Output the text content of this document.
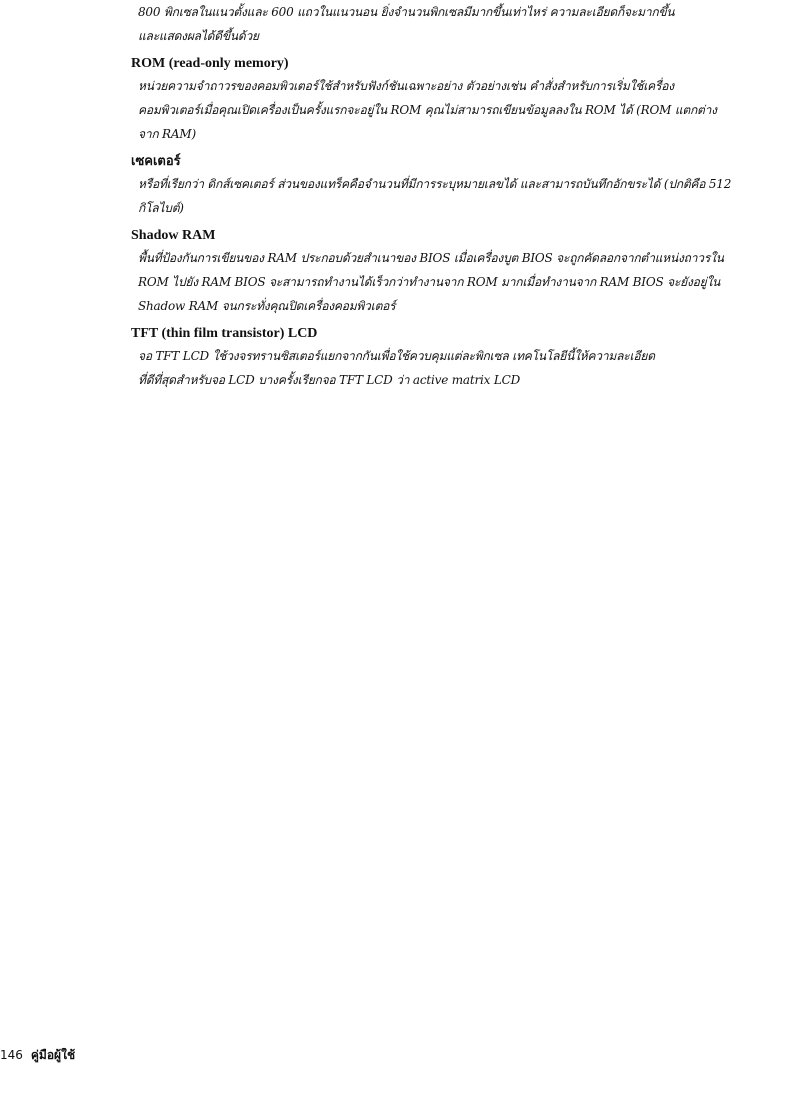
800 พิกเซลในแนวตั้งและ 600 แถวในแนวนอน ยิ่งจำนวนพิกเซลมีมากขึ้นเท่าไหร่ ความละเอียดก็จะมากขึ้น
และแสดงผลได้ดีขึ้นด้วย
ROM (read-only memory)
หน่วยความจำถาวรของคอมพิวเตอร์ใช้สำหรับฟังก์ชันเฉพาะอย่าง ตัวอย่างเช่น คำสั่งสำหรับการเริ่มใช้เครื่อง
คอมพิวเตอร์เมื่อคุณเปิดเครื่องเป็นครั้งแรกจะอยู่ใน ROM คุณไม่สามารถเขียนข้อมูลลงใน ROM ได้ (ROM แตกต่าง
จาก RAM)
เซคเตอร์
หรือที่เรียกว่า ดิกส์เซคเตอร์ ส่วนของแทร็คคือจำนวนที่มีการระบุหมายเลขได้ และสามารถบันทึกอักขระได้ (ปกติคือ 512
กิโลไบต์)
Shadow RAM
พื้นที่ป้องกันการเขียนของ RAM ประกอบด้วยสำเนาของ BIOS เมื่อเครื่องบูต BIOS จะถูกคัดลอกจากตำแหน่งถาวรใน
ROM ไปยัง RAM BIOS จะสามารถทำงานได้เร็วกว่าทำงานจาก ROM มากเมื่อทำงานจาก RAM BIOS จะยังอยู่ใน
Shadow RAM จนกระทั่งคุณปิดเครื่องคอมพิวเตอร์
TFT (thin film transistor) LCD
จอ TFT LCD ใช้วงจรทรานซิสเตอร์แยกจากกันเพื่อใช้ควบคุมแต่ละพิกเซล เทคโนโลยีนี้ให้ความละเอียด
ที่ดีที่สุดสำหรับจอ LCD บางครั้งเรียกจอ TFT LCD ว่า active matrix LCD
146 คู่มือผู้ใช้
